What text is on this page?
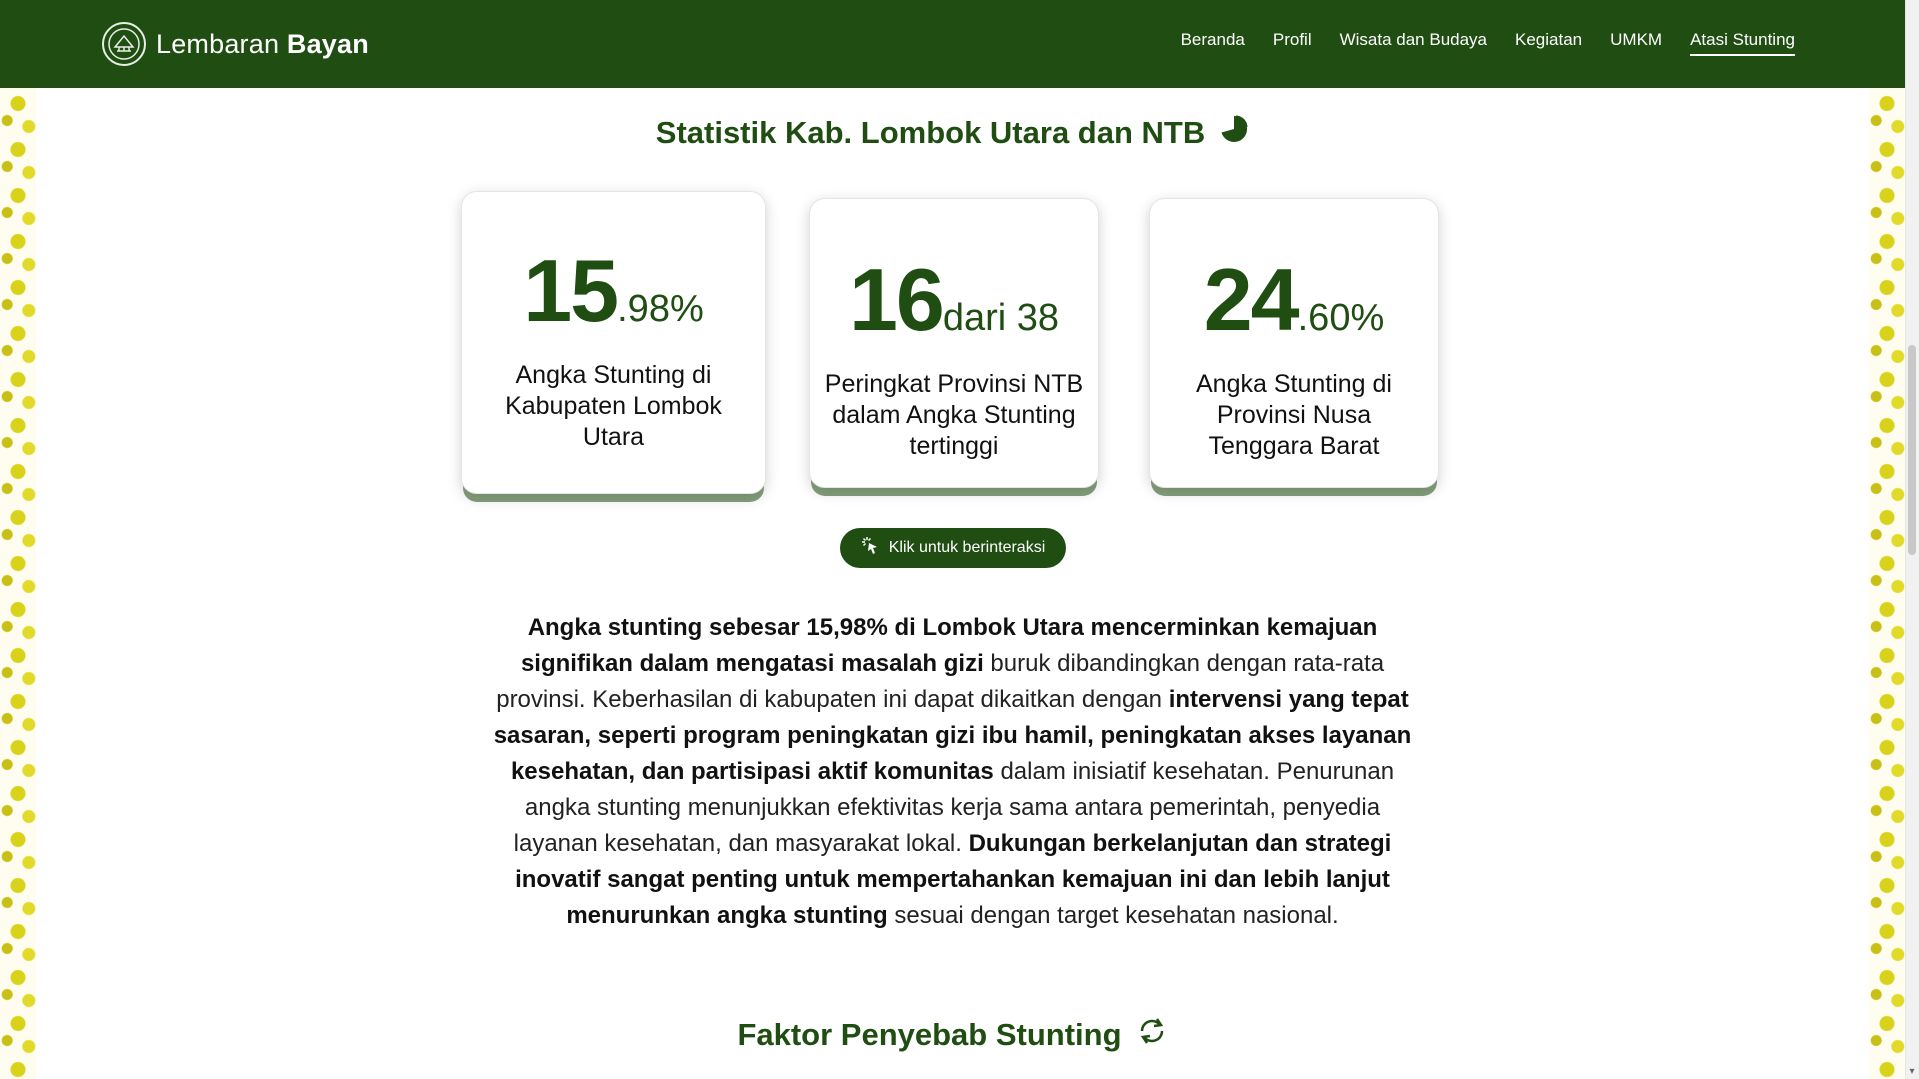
▾
Lembaran Bayan	Beranda Profil Wisata dan Budaya Kegiatan UMKM Atasi Stunting
Statistik Kab. Lombok Utara dan NTB
15.98%
Angka Stunting di Kabupaten Lombok Utara
16dari 38
Peringkat Provinsi NTB dalam Angka Stunting tertinggi
24.60%
Angka Stunting di Provinsi Nusa Tenggara Barat
Klik untuk berinteraksi

Angka stunting sebesar 15,98% di Lombok Utara mencerminkan kemajuan signifikan dalam mengatasi masalah gizi buruk dibandingkan dengan rata-rata provinsi. Keberhasilan di kabupaten ini dapat dikaitkan dengan intervensi yang tepat sasaran, seperti program peningkatan gizi ibu hamil, peningkatan akses layanan kesehatan, dan partisipasi aktif komunitas dalam inisiatif kesehatan. Penurunan angka stunting menunjukkan efektivitas kerja sama antara pemerintah, penyedia layanan kesehatan, dan masyarakat lokal. Dukungan berkelanjutan dan strategi inovatif sangat penting untuk mempertahankan kemajuan ini dan lebih lanjut menurunkan angka stunting sesuai dengan target kesehatan nasional.

Faktor Penyebab Stunting
